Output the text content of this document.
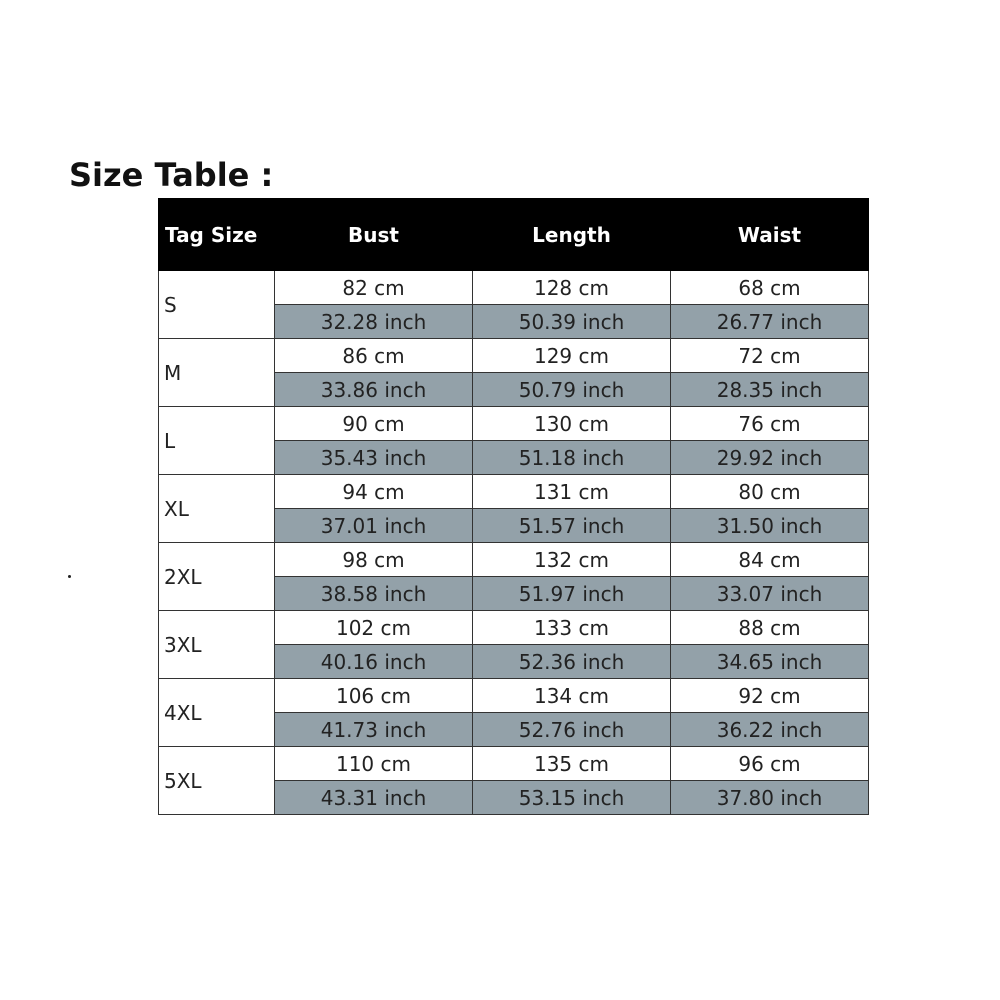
Size Table :
Tag Size	Bust	Length	Waist
S	82 cm	128 cm	68 cm
	32.28 inch	50.39 inch	26.77 inch
M	86 cm	129 cm	72 cm
	33.86 inch	50.79 inch	28.35 inch
L	90 cm	130 cm	76 cm
	35.43 inch	51.18 inch	29.92 inch
XL	94 cm	131 cm	80 cm
	37.01 inch	51.57 inch	31.50 inch
2XL	98 cm	132 cm	84 cm
	38.58 inch	51.97 inch	33.07 inch
3XL	102 cm	133 cm	88 cm
	40.16 inch	52.36 inch	34.65 inch
4XL	106 cm	134 cm	92 cm
	41.73 inch	52.76 inch	36.22 inch
5XL	110 cm	135 cm	96 cm
	43.31 inch	53.15 inch	37.80 inch
